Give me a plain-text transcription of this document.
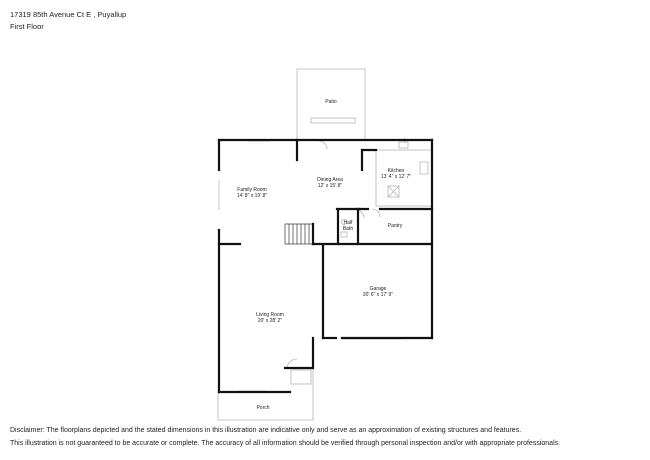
17319 85th Avenue Ct E , Puyallup
First Floor
Patio
Family Room
14' 8" x 19' 8"
Dining Area
12' x 15' 8"
Kitchen
13' 4" x 12' 7"
Half
Bath	Pantry
Garage
20' 6" x 17' 9"
Living Room
20' x 28' 2"
Porch
Disclaimer: The floorplans depicted and the stated dimensions in this illustration are indicative only and serve as an approximation of existing structures and features.
This illustration is not guaranteed to be accurate or complete. The accuracy of all information should be verified through personal inspection and/or with appropriate professionals.
